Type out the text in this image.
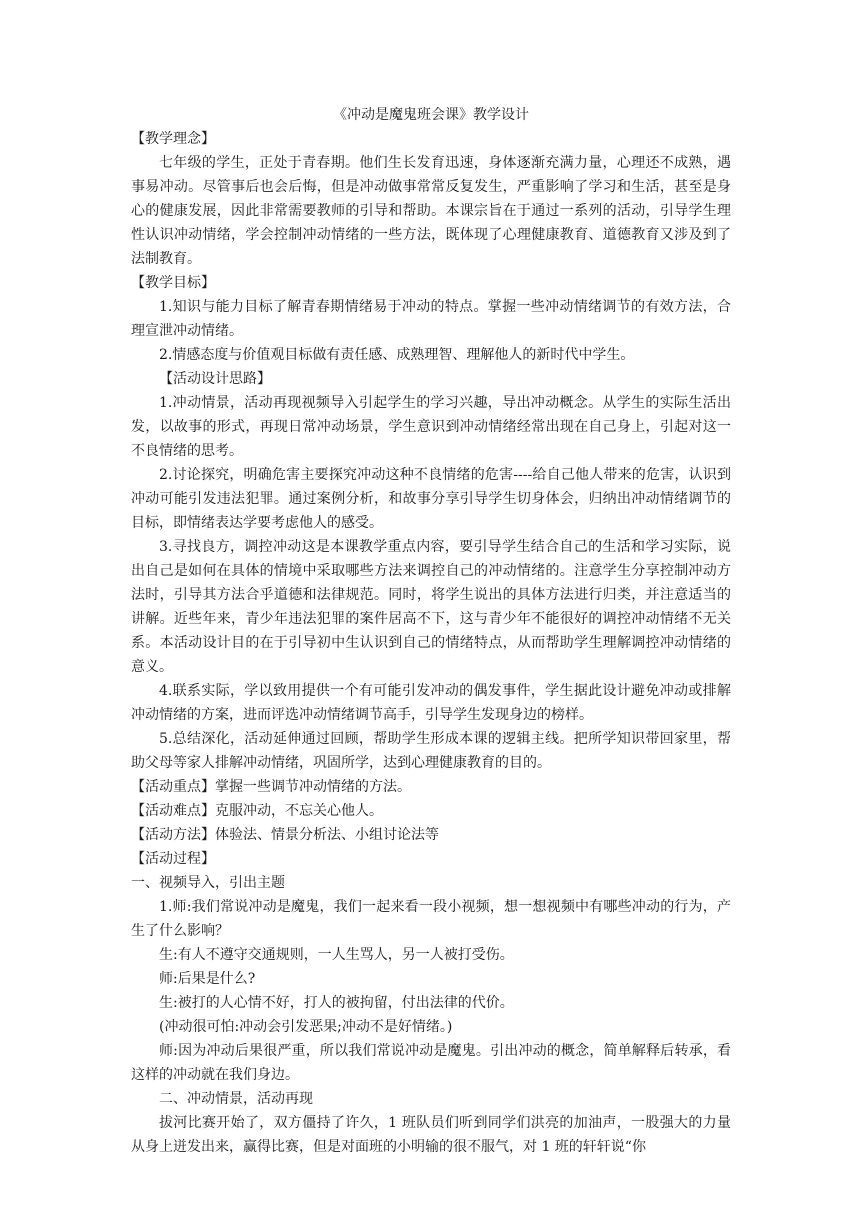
《冲动是魔鬼班会课》教学设计

【教学理念】

七年级的学生，正处于青春期。他们生长发育迅速，身体逐渐充满力量，心理还不成熟，遇事易冲动。尽管事后也会后悔，但是冲动做事常常反复发生，严重影响了学习和生活，甚至是身心的健康发展，因此非常需要教师的引导和帮助。本课宗旨在于通过一系列的活动，引导学生理性认识冲动情绪，学会控制冲动情绪的一些方法，既体现了心理健康教育、道德教育又涉及到了法制教育。

【教学目标】

1.知识与能力目标了解青春期情绪易于冲动的特点。掌握一些冲动情绪调节的有效方法，合理宣泄冲动情绪。

2.情感态度与价值观目标做有责任感、成熟理智、理解他人的新时代中学生。

【活动设计思路】

1.冲动情景，活动再现视频导入引起学生的学习兴趣，导出冲动概念。从学生的实际生活出发，以故事的形式，再现日常冲动场景，学生意识到冲动情绪经常出现在自己身上，引起对这一不良情绪的思考。

2.讨论探究，明确危害主要探究冲动这种不良情绪的危害----给自己他人带来的危害，认识到冲动可能引发违法犯罪。通过案例分析，和故事分享引导学生切身体会，归纳出冲动情绪调节的目标，即情绪表达学要考虑他人的感受。

3.寻找良方，调控冲动这是本课教学重点内容，要引导学生结合自己的生活和学习实际，说出自己是如何在具体的情境中采取哪些方法来调控自己的冲动情绪的。注意学生分享控制冲动方法时，引导其方法合乎道德和法律规范。同时，将学生说出的具体方法进行归类，并注意适当的讲解。近些年来，青少年违法犯罪的案件居高不下，这与青少年不能很好的调控冲动情绪不无关系。本活动设计目的在于引导初中生认识到自己的情绪特点，从而帮助学生理解调控冲动情绪的意义。

4.联系实际，学以致用提供一个有可能引发冲动的偶发事件，学生据此设计避免冲动或排解冲动情绪的方案，进而评选冲动情绪调节高手，引导学生发现身边的榜样。

5.总结深化，活动延伸通过回顾，帮助学生形成本课的逻辑主线。把所学知识带回家里，帮助父母等家人排解冲动情绪，巩固所学，达到心理健康教育的目的。

【活动重点】掌握一些调节冲动情绪的方法。

【活动难点】克服冲动，不忘关心他人。

【活动方法】体验法、情景分析法、小组讨论法等

【活动过程】

一、视频导入，引出主题

1.师:我们常说冲动是魔鬼，我们一起来看一段小视频，想一想视频中有哪些冲动的行为，产生了什么影响？

生:有人不遵守交通规则，一人生骂人，另一人被打受伤。

师:后果是什么?

生:被打的人心情不好，打人的被拘留，付出法律的代价。

(冲动很可怕:冲动会引发恶果;冲动不是好情绪。)

师:因为冲动后果很严重，所以我们常说冲动是魔鬼。引出冲动的概念，简单解释后转承，看这样的冲动就在我们身边。

二、冲动情景，活动再现

拔河比赛开始了，双方僵持了许久，1 班队员们听到同学们洪亮的加油声，一股强大的力量从身上迸发出来，赢得比赛，但是对面班的小明输的很不服气，对 1 班的轩轩说“你
